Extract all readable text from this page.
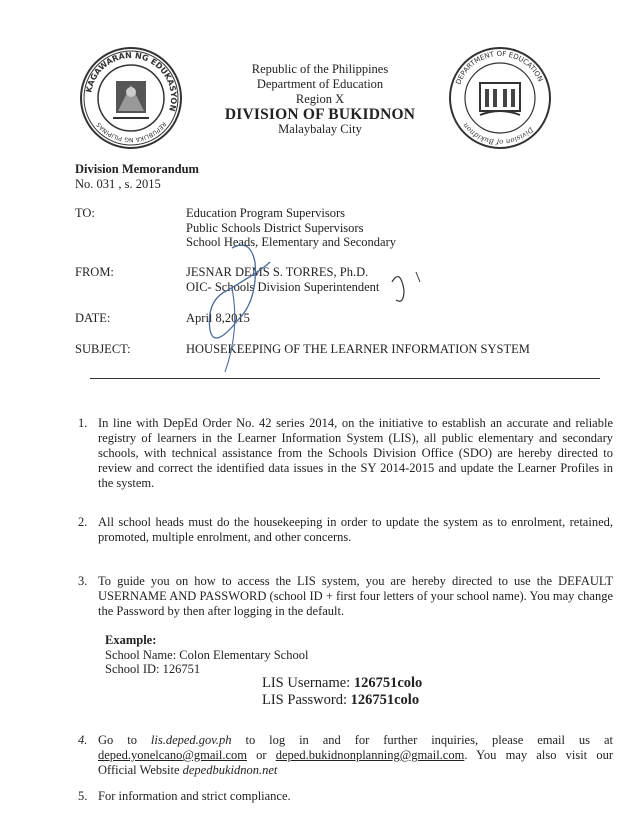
KAGAWARAN NG EDUKASYON
REPUBLIKA NG PILIPINAS
DEPARTMENT OF EDUCATION
Division of Bukidnon
Republic of the Philippines
Department of Education
Region X
DIVISION OF BUKIDNON
Malaybalay City
Division Memorandum
No. 031 , s. 2015
TO:	Education Program Supervisors
Public Schools District Supervisors
School Heads, Elementary and Secondary
FROM:	JESNAR DEMS S. TORRES, Ph.D.
OIC- Schools Division Superintendent
DATE:	April 8,2015
SUBJECT:	HOUSEKEEPING OF THE LEARNER INFORMATION SYSTEM
1. In line with DepEd Order No. 42 series 2014, on the initiative to establish an accurate and reliable registry of learners in the Learner Information System (LIS), all public elementary and secondary schools, with technical assistance from the Schools Division Office (SDO) are hereby directed to review and correct the identified data issues in the SY 2014-2015 and update the Learner Profiles in the system.
2. All school heads must do the housekeeping in order to update the system as to enrolment, retained, promoted, multiple enrolment, and other concerns.
3. To guide you on how to access the LIS system, you are hereby directed to use the DEFAULT USERNAME AND PASSWORD (school ID + first four letters of your school name). You may change the Password by then after logging in the default.
Example:
School Name: Colon Elementary School
School ID: 126751
LIS Username: 126751colo
LIS Password: 126751colo
4. Go to lis.deped.gov.ph to log in and for further inquiries, please email us at deped.yonelcano@gmail.com or deped.bukidnonplanning@gmail.com. You may also visit our
Official Website depedbukidnon.net
5. For information and strict compliance.
